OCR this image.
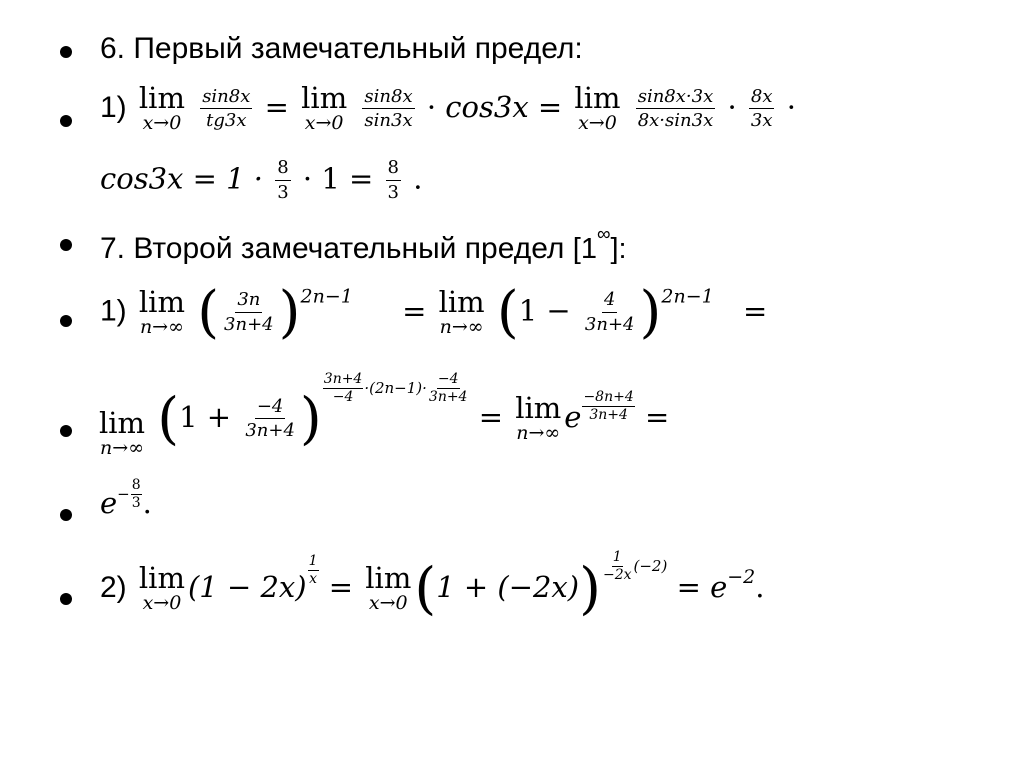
6. Первый замечательный предел:
1) lim
x→0
$\frac{\sin 8x}{tg3x} = \lim$
x→0
$\frac{\sin 8x}{\sin 3x} \cdot \cos 3x = \lim$
x→0
$\frac{\sin 8x\cdot 3x}{8x\cdot\sin 3x} \cdot \frac{8x}{3x}$ ·
$\cos 3x = 1 \cdot \frac{8}{3} \cdot 1 = \frac{8}{3}$ .
7. Второй замечательный предел [1∞]:
1) lim
n→∞ ( $\frac{3n}{3n+4} )^{2n-1} = \lim$
n→∞ $(1 - \frac{4}{3n+4} )^{2n-1}$ =
lim
n→∞ ($1 + \frac{-4}{3n+4}$ ) $^{\frac{3n+4}{-4} \cdot(2n-1)\cdot \frac{-4}{3n+4}}$
= lim
n→∞ e $^{\frac{-8n+4}{3n+4}}$ =
$e^{- \frac{8}{3}}$ .
2) lim
x→0 (1 − 2x) $^{\frac{1}{x}}$ = lim
x→0 (1 + (−2x)) $^{\frac{1}{-2x} (-2)} = e^{-2}$.
